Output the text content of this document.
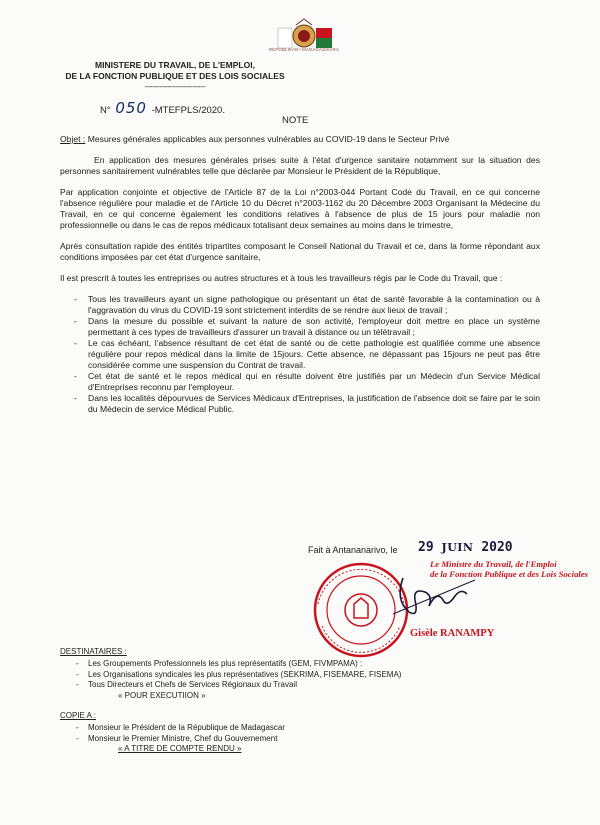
REPOBLIKAN'I MADAGASIKARA
MINISTERE DU TRAVAIL, DE L'EMPLOI,
DE LA FONCTION PUBLIQUE ET DES LOIS SOCIALES
------------------------
N° 050 -MTEFPLS/2020.
NOTE

Objet : Mesures générales applicables aux personnes vulnérables au COVID-19 dans le Secteur Privé

En application des mesures générales prises suite à l'état d'urgence sanitaire notamment sur la situation des personnes sanitairement vulnérables telle que déclarée par Monsieur le Président de la République,

Par application conjointe et objective de l'Article 87 de la Loi n°2003-044 Portant Code du Travail, en ce qui concerne l'absence régulière pour maladie et de l'Article 10 du Décret n°2003-1162 du 20 Décembre 2003 Organisant la Médecine du Travail, en ce qui concerne également les conditions relatives à l'absence de plus de 15 jours pour maladie non professionnelle ou dans le cas de repos médicaux totalisant deux semaines au moins dans le trimestre,

Après consultation rapide des entités tripartites composant le Conseil National du Travail et ce, dans la forme répondant aux conditions imposées par cet état d'urgence sanitaire,

Il est prescrit à toutes les entreprises ou autres structures et à tous les travailleurs régis par le Code du Travail, que :

- Tous les travailleurs ayant un signe pathologique ou présentant un état de santé favorable à la contamination ou à l'aggravation du virus du COVID-19 sont strictement interdits de se rendre aux lieux de travail ;
- Dans la mesure du possible et suivant la nature de son activité, l'employeur doit mettre en place un système permettant à ces types de travailleurs d'assurer un travail à distance ou un télétravail ;
- Le cas échéant, l'absence résultant de cet état de santé ou de cette pathologie est qualifiée comme une absence régulière pour repos médical dans la limite de 15jours. Cette absence, ne dépassant pas 15jours ne peut pas être considérée comme une suspension du Contrat de travail.
- Cet état de santé et le repos médical qui en résulte doivent être justifiés par un Médecin d'un Service Médical d'Entreprises reconnu par l'employeur.
- Dans les localités dépourvues de Services Médicaux d'Entreprises, la justification de l'absence doit se faire par le soin du Médecin de service Médical Public.
Fait à Antananarivo, le 29 JUIN 2020
Le Ministre du Travail, de l'Emploi
de la Fonction Publique et des Lois Sociales
Gisèle RANAMPY
DESTINATAIRES :
- Les Groupements Professionnels les plus représentatifs (GEM, FIVMPAMA) :
- Les Organisations syndicales les plus représentatives (SEKRIMA, FISEMARE, FISEMA)
- Tous Directeurs et Chefs de Services Régionaux du Travail
« POUR EXECUTIION »
COPIE A :
- Monsieur le Président de la République de Madagascar
- Monsieur le Premier Ministre, Chef du Gouvernement
« A TITRE DE COMPTE RENDU »
